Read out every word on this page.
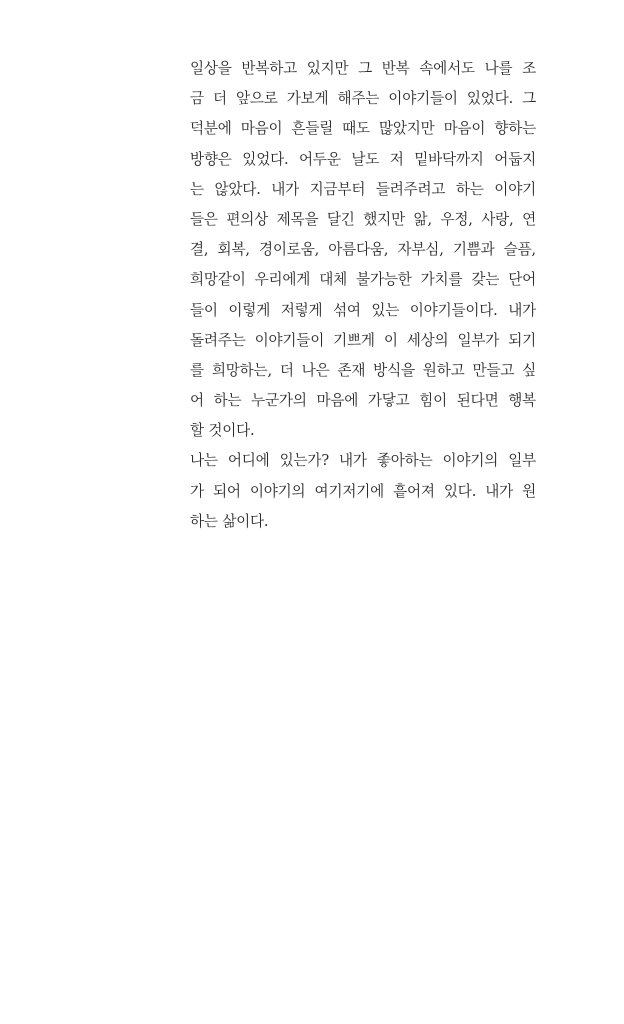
일상을 반복하고 있지만 그 반복 속에서도 나를 조
금 더 앞으로 가보게 해주는 이야기들이 있었다. 그
덕분에 마음이 흔들릴 때도 많았지만 마음이 향하는
방향은 있었다. 어두운 날도 저 밑바닥까지 어둡지
는 않았다. 내가 지금부터 들려주려고 하는 이야기
들은 편의상 제목을 달긴 했지만 앎, 우정, 사랑, 연
결, 회복, 경이로움, 아름다움, 자부심, 기쁨과 슬픔,
희망같이 우리에게 대체 불가능한 가치를 갖는 단어
들이 이렇게 저렇게 섞여 있는 이야기들이다. 내가
돌려주는 이야기들이 기쁘게 이 세상의 일부가 되기
를 희망하는, 더 나은 존재 방식을 원하고 만들고 싶
어 하는 누군가의 마음에 가닿고 힘이 된다면 행복
할 것이다.
나는 어디에 있는가? 내가 좋아하는 이야기의 일부
가 되어 이야기의 여기저기에 흩어져 있다. 내가 원
하는 삶이다.
